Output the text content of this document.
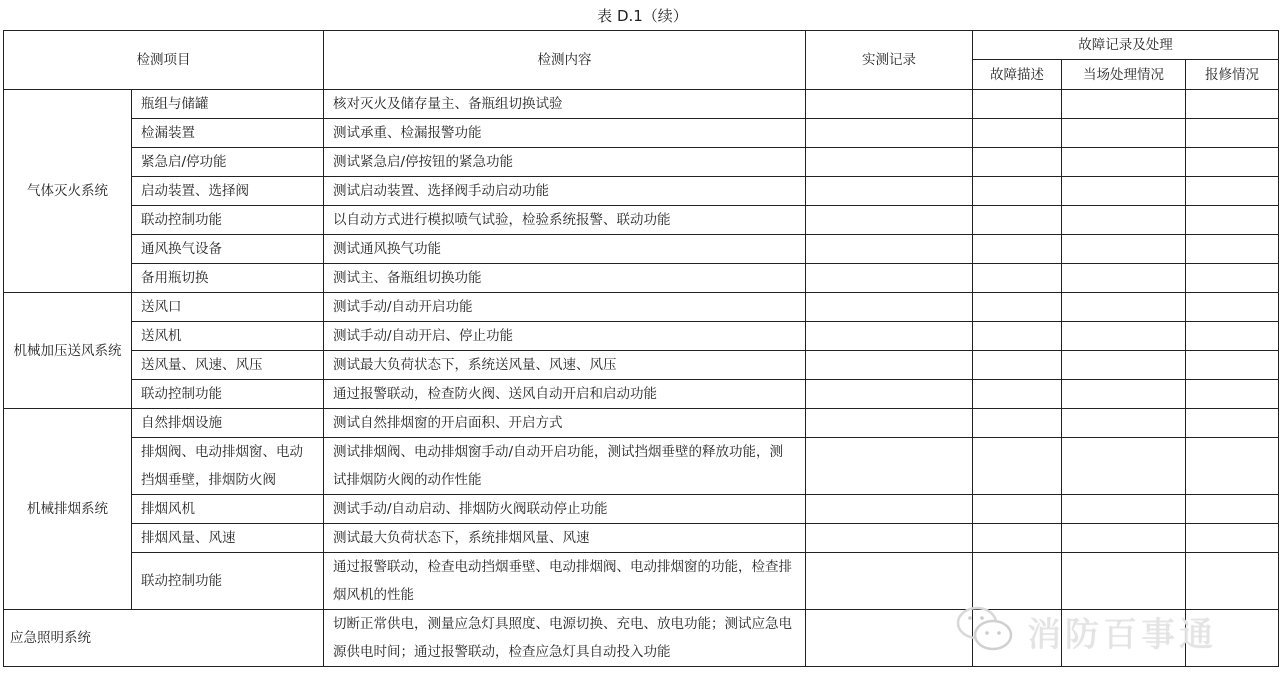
表 D.1（续）
检测项目		检测内容	实测记录	故障记录及处理		
				故障描述	当场处理情况	报修情况
气体灭火系统	瓶组与储罐	核对灭火及储存量主、备瓶组切换试验				
	检漏装置	测试承重、检漏报警功能				
	紧急启/停功能	测试紧急启/停按钮的紧急功能				
	启动装置、选择阀	测试启动装置、选择阀手动启动功能				
	联动控制功能	以自动方式进行模拟喷气试验，检验系统报警、联动功能				
	通风换气设备	测试通风换气功能				
	备用瓶切换	测试主、备瓶组切换功能				
机械加压送风系统	送风口	测试手动/自动开启功能				
	送风机	测试手动/自动开启、停止功能				
	送风量、风速、风压	测试最大负荷状态下，系统送风量、风速、风压				
	联动控制功能	通过报警联动，检查防火阀、送风自动开启和启动功能				
机械排烟系统	自然排烟设施	测试自然排烟窗的开启面积、开启方式				
	排烟阀、电动排烟窗、电动挡烟垂壁，排烟防火阀	测试排烟阀、电动排烟窗手动/自动开启功能，测试挡烟垂壁的释放功能，测试排烟防火阀的动作性能				
	排烟风机	测试手动/自动启动、排烟防火阀联动停止功能				
	排烟风量、风速	测试最大负荷状态下，系统排烟风量、风速				
	联动控制功能	通过报警联动，检查电动挡烟垂壁、电动排烟阀、电动排烟窗的功能，检查排烟风机的性能				
应急照明系统		切断正常供电，测量应急灯具照度、电源切换、充电、放电功能；测试应急电源供电时间；通过报警联动，检查应急灯具自动投入功能					消防百事通
